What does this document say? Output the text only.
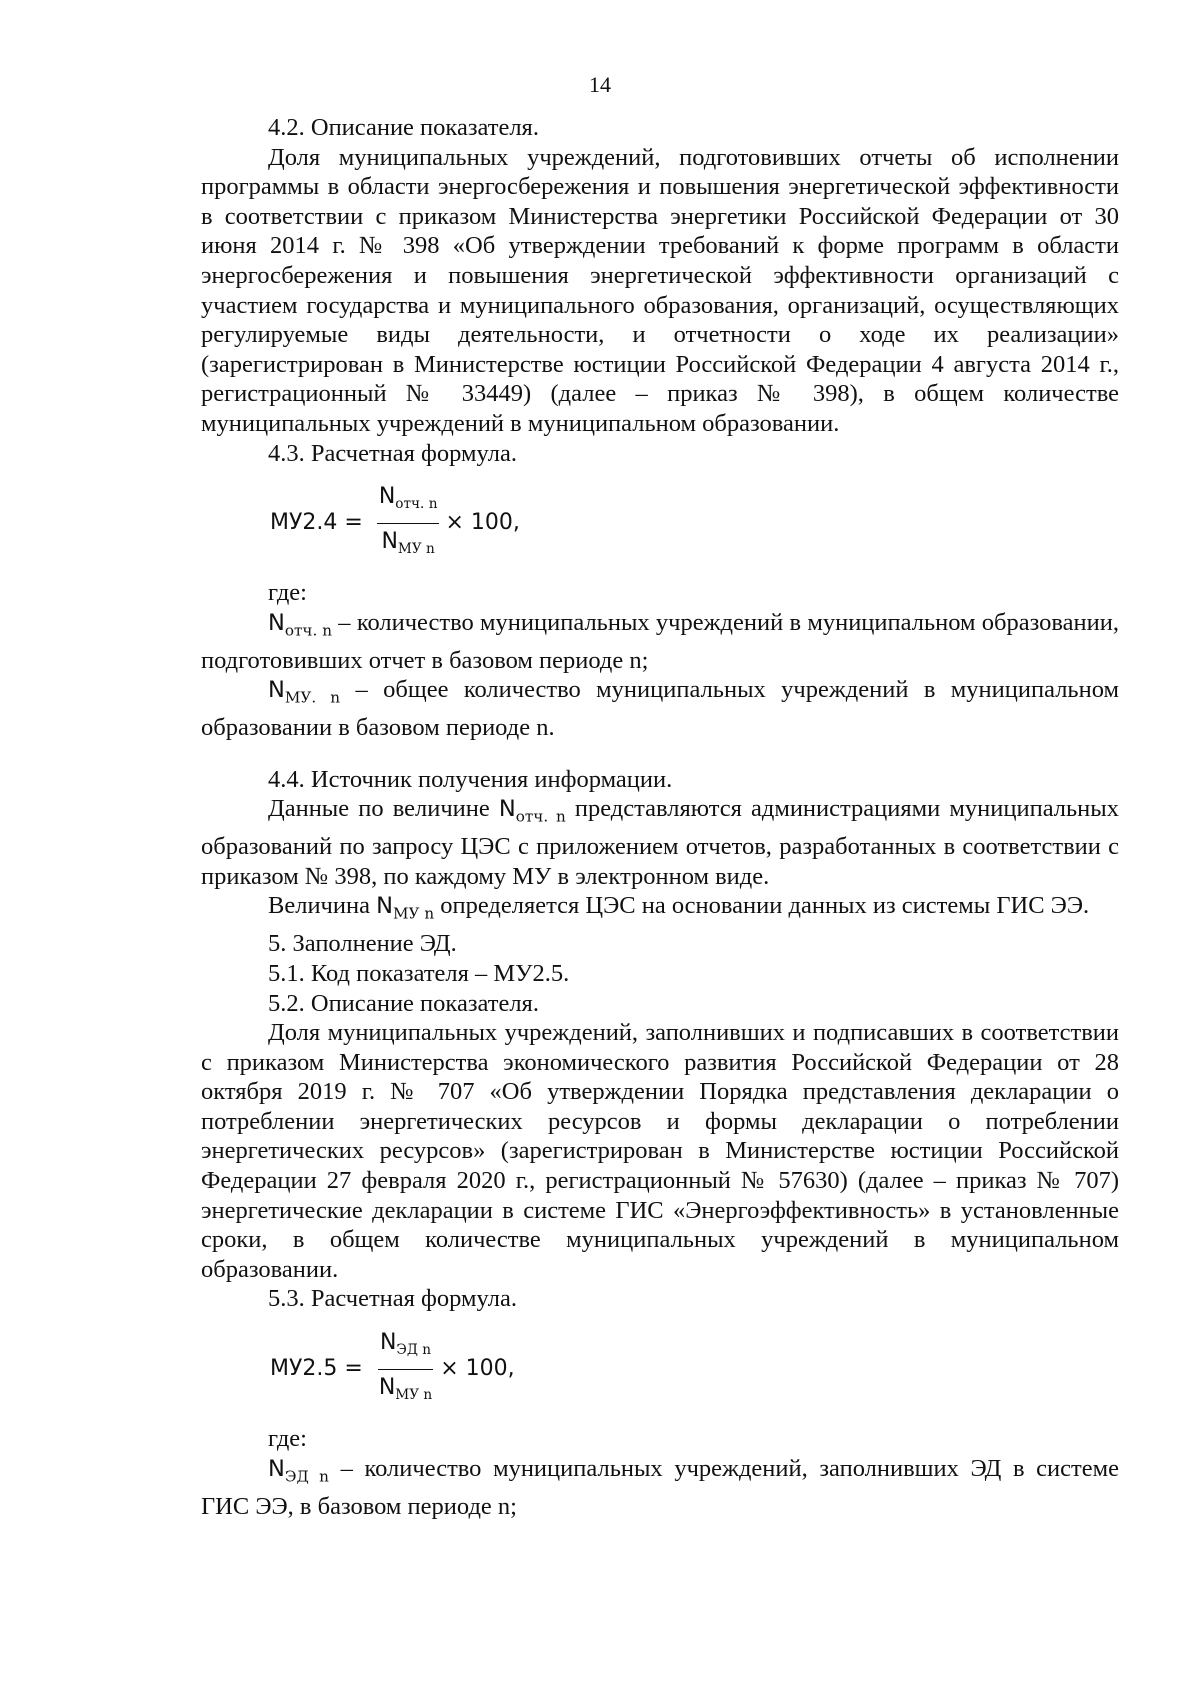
14

4.2. Описание показателя.

Доля муниципальных учреждений, подготовивших отчеты об исполнении программы в области энергосбережения и повышения энергетической эффективности в соответствии с приказом Министерства энергетики Российской Федерации от 30 июня 2014 г. № 398 «Об утверждении требований к форме программ в области энергосбережения и повышения энергетической эффективности организаций с участием государства и муниципального образования, организаций, осуществляющих регулируемые виды деятельности, и отчетности о ходе их реализации» (зарегистрирован в Министерстве юстиции Российской Федерации 4 августа 2014 г., регистрационный № 33449) (далее – приказ № 398), в общем количестве муниципальных учреждений в муниципальном образовании.

4.3. Расчетная формула.

$МУ2.4 = \frac{N_{отч. n}}{N_{МУ n}} \times 100$,

где:

$N_{отч. n}$ – количество муниципальных учреждений в муниципальном образовании, подготовивших отчет в базовом периоде n;

$N_{МУ. n}$ – общее количество муниципальных учреждений в муниципальном образовании в базовом периоде n.

4.4. Источник получения информации.

Данные по величине $N_{отч. n}$ представляются администрациями муниципальных образований по запросу ЦЭС с приложением отчетов, разработанных в соответствии с приказом № 398, по каждому МУ в электронном виде.

Величина $N_{МУ n}$ определяется ЦЭС на основании данных из системы ГИС ЭЭ.

5. Заполнение ЭД.

5.1. Код показателя – МУ2.5.

5.2. Описание показателя.

Доля муниципальных учреждений, заполнивших и подписавших в соответствии с приказом Министерства экономического развития Российской Федерации от 28 октября 2019 г. № 707 «Об утверждении Порядка представления декларации о потреблении энергетических ресурсов и формы декларации о потреблении энергетических ресурсов» (зарегистрирован в Министерстве юстиции Российской Федерации 27 февраля 2020 г., регистрационный № 57630) (далее – приказ № 707) энергетические декларации в системе ГИС «Энергоэффективность» в установленные сроки, в общем количестве муниципальных учреждений в муниципальном образовании.

5.3. Расчетная формула.

$МУ2.5 = \frac{N_{ЭД n}}{N_{МУ n}} \times 100$,

где:

$N_{ЭД n}$ – количество муниципальных учреждений, заполнивших ЭД в системе ГИС ЭЭ, в базовом периоде n;
